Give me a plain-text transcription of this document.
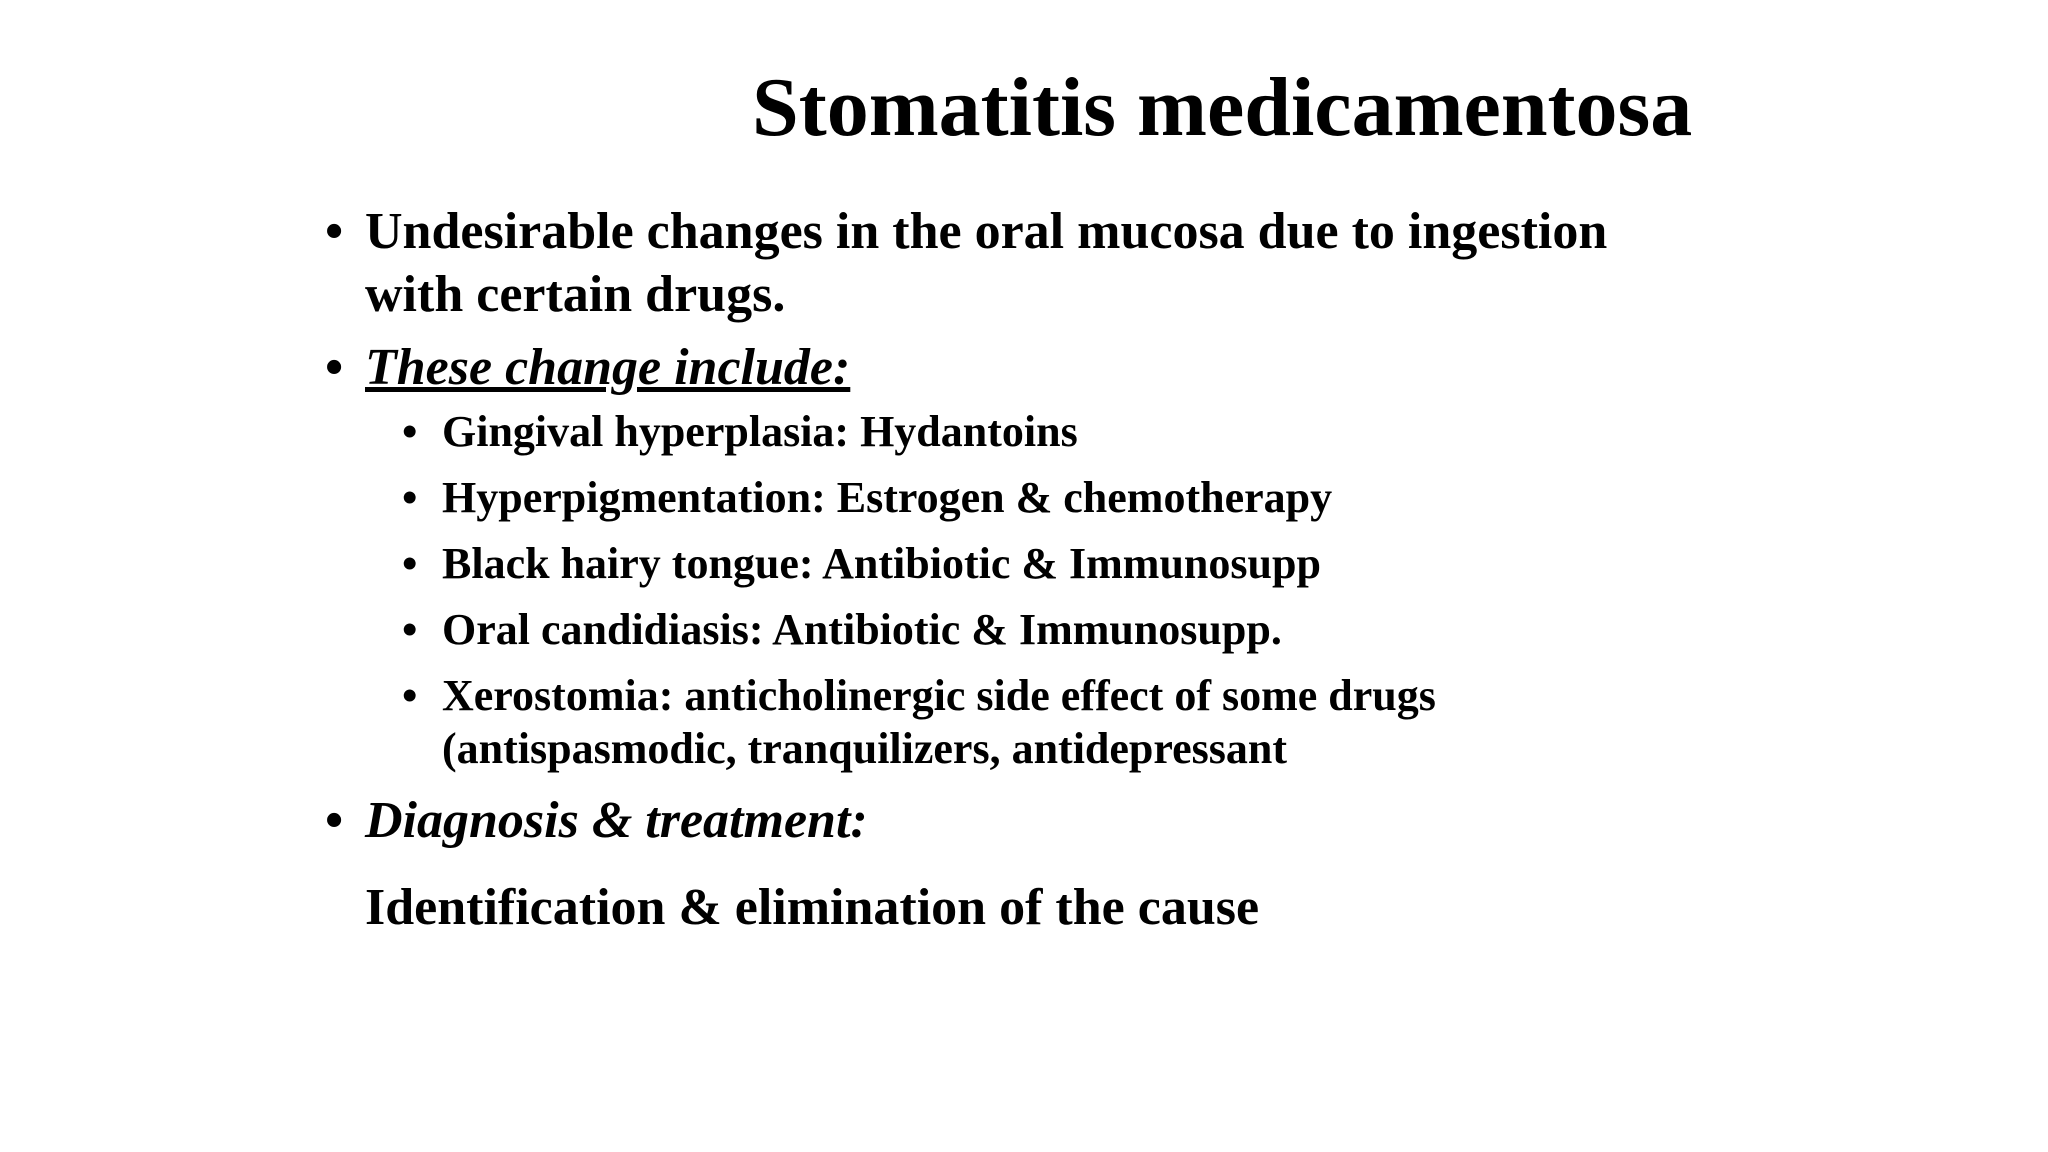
Stomatitis medicamentosa
• Undesirable changes in the oral mucosa due to ingestion with certain drugs.
• These change include:
• Gingival hyperplasia: Hydantoins
• Hyperpigmentation: Estrogen & chemotherapy
• Black hairy tongue: Antibiotic & Immunosupp
• Oral candidiasis: Antibiotic & Immunosupp.
• Xerostomia: anticholinergic side effect of some drugs (antispasmodic, tranquilizers, antidepressant
• Diagnosis & treatment:
Identification & elimination of the cause
